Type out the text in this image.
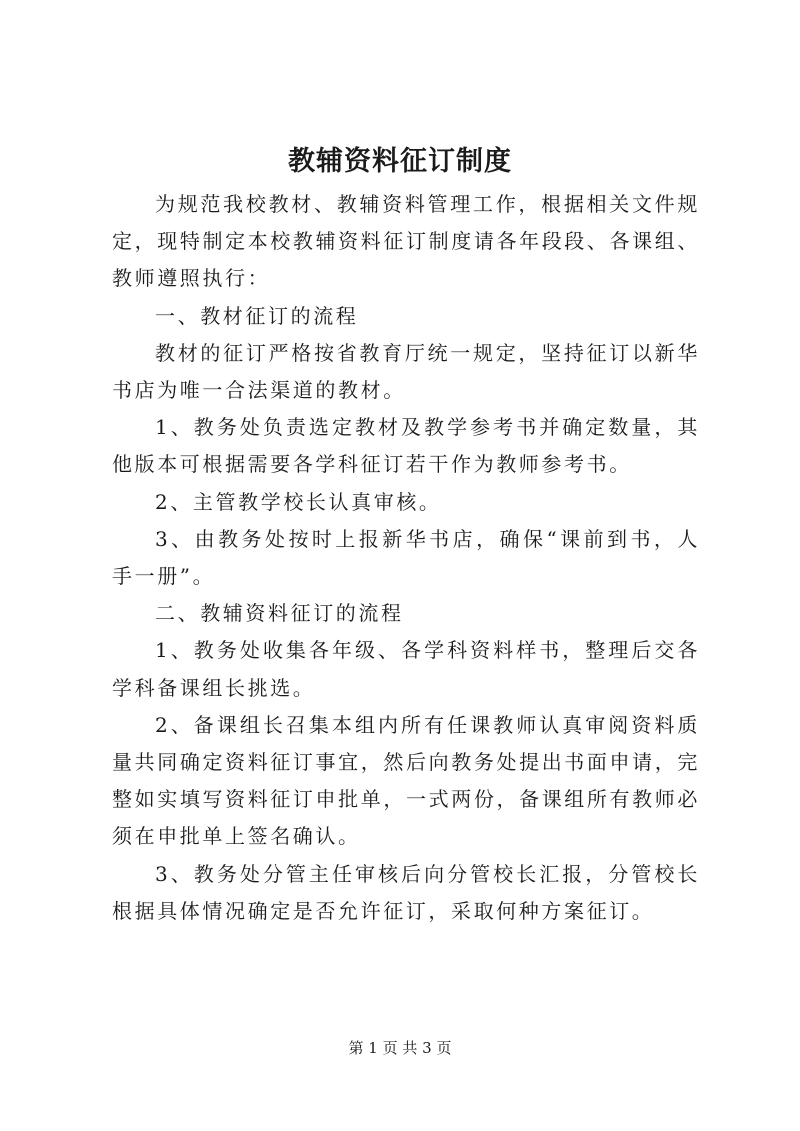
教辅资料征订制度

为规范我校教材、教辅资料管理工作，根据相关文件规定，现特制定本校教辅资料征订制度请各年段段、各课组、教师遵照执行：

一、教材征订的流程

教材的征订严格按省教育厅统一规定，坚持征订以新华书店为唯一合法渠道的教材。

1、教务处负责选定教材及教学参考书并确定数量，其他版本可根据需要各学科征订若干作为教师参考书。

2、主管教学校长认真审核。

3、由教务处按时上报新华书店，确保“课前到书，人手一册”。

二、教辅资料征订的流程

1、教务处收集各年级、各学科资料样书，整理后交各学科备课组长挑选。

2、备课组长召集本组内所有任课教师认真审阅资料质量共同确定资料征订事宜，然后向教务处提出书面申请，完整如实填写资料征订申批单，一式两份，备课组所有教师必须在申批单上签名确认。

3、教务处分管主任审核后向分管校长汇报，分管校长根据具体情况确定是否允许征订，采取何种方案征订。

第 1 页 共 3 页
